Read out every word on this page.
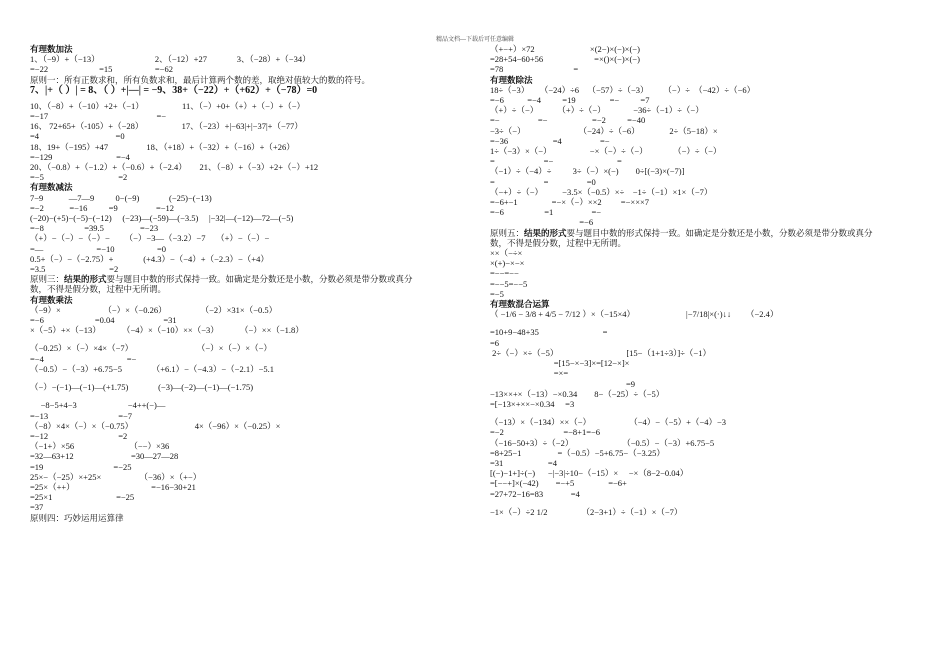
精品文档---下载后可任意编辑
有理数加法
1、（−9）+（−13）                          2、（−12）+27              3、（−28）+（−34）
=−22                        =15                    =−62
原则一：所有正数求和，所有负数求和，最后计算两个数的差，取绝对值较大的数的符号。
7、|+（ ）| = 8、（ ）+|—| = −9、38+（−22）+（+62）+（−78）=0
10、（−8）+（−10）+2+（−1）                  11、（−）+0+（+）+（−）+（−）
=−17                                                   =−
16、 72+65+（-105）+（−28）                  17、（−23）+|−63|+|−37|+（−77）
=4                                    =0
18、19+（−195）+47                  18、（+18）+（−32）+（−16）+（+26）
=−129                              =−4
20、（−0.8）+（−1.2）+（−0.6）+（−2.4）      21、（−8）+（−3）+2+（−）+12
=−5                                   =2
有理数减法
7−9            —7—9          0−(−9)              (−25)−(−13)
=−2            =−16          =9                  =−12
(−20)−(+5)−(−5)−(−12)     (−23)—(−59)—(−3.5)     |−32|—(−12)—72—(−5)
=−8                   =39.5                 =−23
（+）−（−）−（−）−       （−）−3—（−3.2）−7     （+）−（−）−
=—                         =−10                    =0
0.5+（−）−（−2.75）+              (+4.3）−（−4）+（−2.3）−（+4）
=3.5                              =2
原则三：结果的形式要与题目中数的形式保持一致。如确定是分数还是小数，分数必须是带分数或真分
数，不得是假分数，过程中无所谓。
有理数乘法
（−9）×                    （−）×（−0.26）                （−2）×31×（−0.5）
=−6                        =0.04                       =31
×（−5）+×（−13）          （−4）×（−10）××（−3）          （−）××（−1.8）
（−0.25）×（−）×4×（−7）                              （−）×（−）×（−）
=−4                                       =−
（−0.5）−（−3）+6.75−5              （+6.1）−（−4.3）−（−2.1）−5.1
（−）−(−1)—(−1)—(+1.75)              (−3)—(−2)—(−1)—(−1.75)
−8−5+4−3                        −4++(−)—
=−13                                 =−7
（−8）×4×（−）×（−0.75）                             4×（−96）×（−0.25）×
=−12                                 =2
（−1+）×56                          （−−）×36
=32—63+12                           =30—27—28
=19                                 =−25
25×−（−25）×+25×                  （−36）×（+−）
=25×（++）                                    =−16−30+21
=25×1                              =−25
=37
原则四：巧妙运用运算律
（+−+）×72                          ×(2−)×(−)×(−)
=28+54−60+56                        =×()×(−)×(−)
=78                                 =
有理数除法
18÷（−3）     （−24）÷6    （−57）÷（−3）       （−）÷  （−42）÷（−6）
=−6           =−4          =19                =−          =7
（+）÷（−）         （+）÷（−）             −36÷（−1）÷（−）
=−                  =−                     =−2          =−40
−3÷（−）                         （−24）÷（−6）              2÷（5−18）×
=−36                     =4                  =−
1÷（−3）×（−）                  −×（−）÷（−）            （−）÷（−）
=                       =−                              =
（−1）÷（−4）÷          3÷（−）×(−)        0÷[(−3)×(−7)]
=                       =                  =0
（−+）÷（−）         −3.5×（−0.5）×÷    −1÷（−1）×1×（−7）
=−6+−1                =−×（−）××2         =−×××7
=−6                   =1                  =−
=−6
原则五：结果的形式要与题目中数的形式保持一致。如确定是分数还是小数，分数必须是带分数或真分
数，不得是假分数，过程中无所谓。
××（−÷×
×(+)−×−×
=−−=−−
=−−5=−−5
=−5
有理数混合运算
（ −1/6 − 3/8 + 4/5 − 7/12 ）×（−15×4）                        |−7/18|×(·)↓↓       （−2.4）
=10+9−48+35                              =
=6
2÷（−）×÷（−5）                                [15−（1+1÷3）]÷（−1）
=[15−×−3]×=[12−×]×
=×=
=9
−13××+×（−13）−×0.34        8−（−25）÷（−5）
=[−13×+××−×0.34     =3
（−13）×（−134）××（−）                  （−4）−（−5）+（−4）−3
=−2                            =−8+1=−6
（−16−50+3）÷（−2）                       （−0.5）−（−3）+6.75−5
=8+25−1                 =（−0.5）−5+6.75−（−3.25）
=31                     =4
[(−)−1+]÷(−)      −|−3|÷10−（−15）×     −×（8−2−0.04）
=[−−+]×(−42)        =−+5                =−6+
=27+72−16=83             =4
−1×（−）÷2 1/2                （2−3+1）÷（−1）×（−7）
